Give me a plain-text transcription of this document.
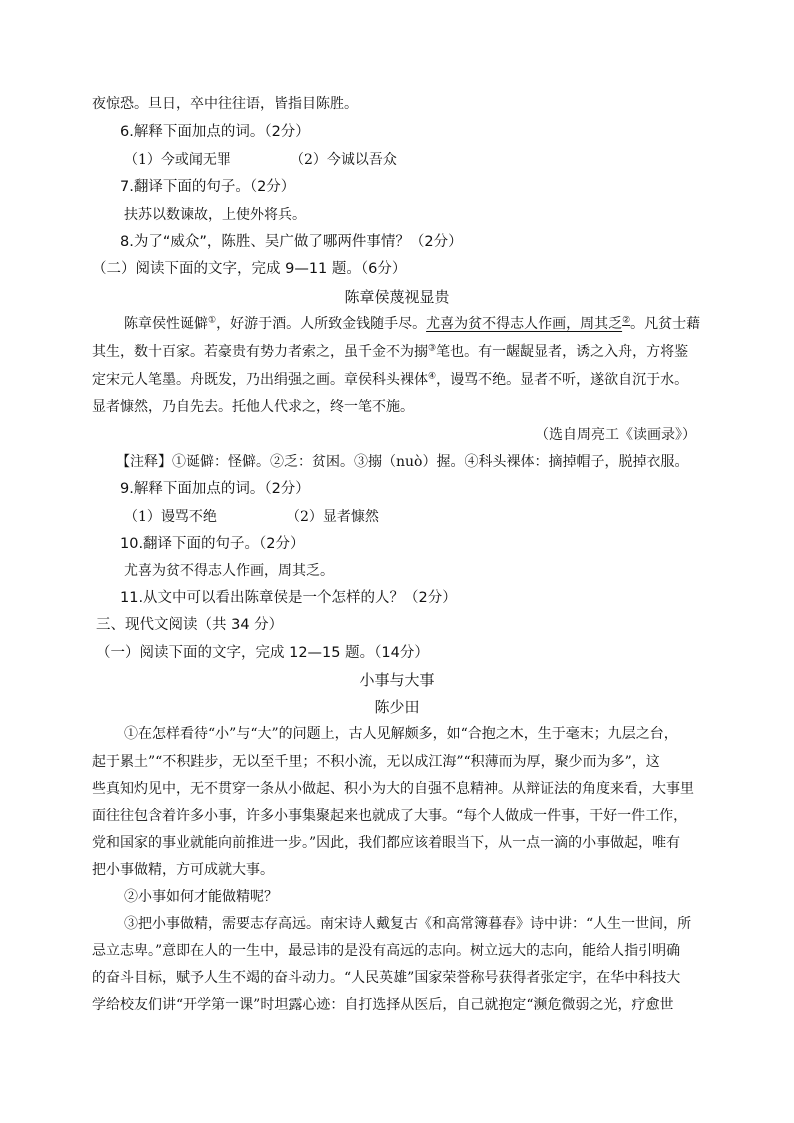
夜惊恐。旦日，卒中往往语，皆指目陈胜。
6.解释下面加点的词。（2分）
（1）今或闻无罪	（2）今诚以吾众
7.翻译下面的句子。（2分）
扶苏以数谏故，上使外将兵。
8.为了“威众”，陈胜、吴广做了哪两件事情？（2分）
（二）阅读下面的文字，完成 9—11 题。（6分）
陈章侯蔑视显贵
陈章侯性诞僻①，好游于酒。人所致金钱随手尽。尤喜为贫不得志人作画，周其乏②。凡贫士藉
其生，数十百家。若豪贵有势力者索之，虽千金不为搦③笔也。有一龌龊显者，诱之入舟，方将鉴
定宋元人笔墨。舟既发，乃出绢强之画。章侯科头裸体④，谩骂不绝。显者不听，遂欲自沉于水。
显者慷然，乃自先去。托他人代求之，终一笔不施。
（选自周亮工《读画录》）
【注释】①诞僻：怪僻。②乏：贫困。③搦（nuò）握。④科头裸体：摘掉帽子，脱掉衣服。
9.解释下面加点的词。（2分）
（1）谩骂不绝	（2）显者慷然
10.翻译下面的句子。（2分）
尤喜为贫不得志人作画，周其乏。
11.从文中可以看出陈章侯是一个怎样的人？（2分）
三、现代文阅读（共 34 分）
（一）阅读下面的文字，完成 12—15 题。（14分）
小事与大事
陈少田
①在怎样看待“小”与“大”的问题上，古人见解颇多，如“合抱之木，生于毫末；九层之台，
起于累土”“不积跬步，无以至千里；不积小流，无以成江海”“积薄而为厚，聚少而为多”，这
些真知灼见中，无不贯穿一条从小做起、积小为大的自强不息精神。从辩证法的角度来看，大事里
面往往包含着许多小事，许多小事集聚起来也就成了大事。“每个人做成一件事，干好一件工作，
党和国家的事业就能向前推进一步。”因此，我们都应该着眼当下，从一点一滴的小事做起，唯有
把小事做精，方可成就大事。
②小事如何才能做精呢？
③把小事做精，需要志存高远。南宋诗人戴复古《和高常簿暮春》诗中讲：“人生一世间，所
忌立志卑。”意即在人的一生中，最忌讳的是没有高远的志向。树立远大的志向，能给人指引明确
的奋斗目标，赋予人生不竭的奋斗动力。“人民英雄”国家荣誉称号获得者张定宇，在华中科技大
学给校友们讲“开学第一课”时坦露心迹：自打选择从医后，自己就抱定“濒危微弱之光，疗愈世
